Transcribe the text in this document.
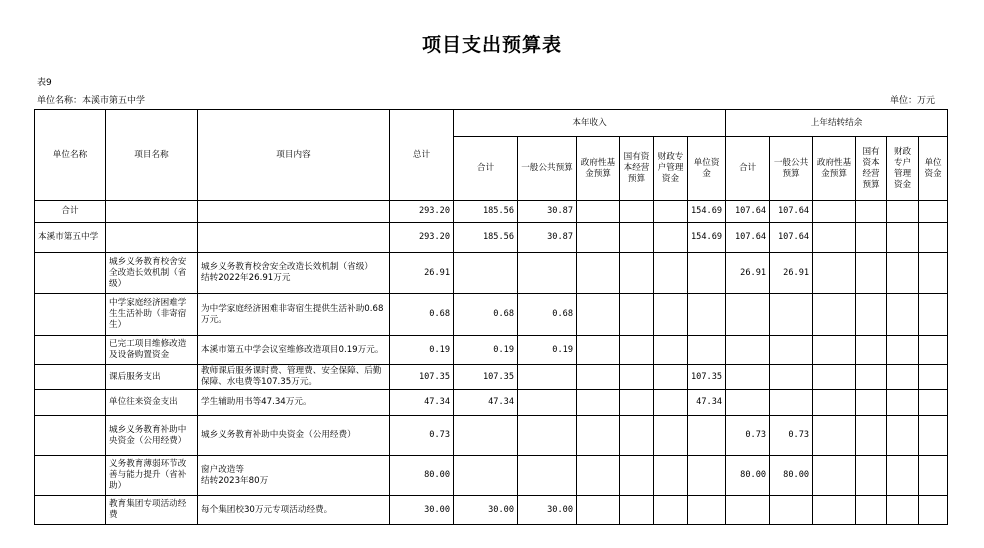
项目支出预算表
表9
单位名称：本溪市第五中学	单位：万元
单位名称	项目名称	项目内容	总计	本年收入						上年结转结余					
				合计	一般公共预算	政府性基金预算	国有资本经营预算	财政专户管理资金	单位资金	合计	一般公共预算	政府性基金预算	国有资本经营预算	财政专户管理资金	单位资金
合计			293.20	185.56	30.87				154.69	107.64	107.64				
本溪市第五中学			293.20	185.56	30.87				154.69	107.64	107.64				
	城乡义务教育校舍安全改造长效机制（省级）	城乡义务教育校舍安全改造长效机制（省级）
结转2022年26.91万元	26.91							26.91	26.91				
	中学家庭经济困难学生生活补助（非寄宿生）	为中学家庭经济困难非寄宿生提供生活补助0.68万元。	0.68	0.68	0.68										
	已完工项目维修改造及设备购置资金	本溪市第五中学会议室维修改造项目0.19万元。	0.19	0.19	0.19										
	课后服务支出	教师课后服务课时费、管理费、安全保障、后勤保障、水电费等107.35万元。	107.35	107.35					107.35						
	单位往来资金支出	学生辅助用书等47.34万元。	47.34	47.34					47.34						
	城乡义务教育补助中央资金（公用经费）	城乡义务教育补助中央资金（公用经费）	0.73							0.73	0.73				
	义务教育薄弱环节改善与能力提升（省补助）	窗户改造等
结转2023年80万	80.00							80.00	80.00				
	教育集团专项活动经费	每个集团校30万元专项活动经费。	30.00	30.00	30.00										
